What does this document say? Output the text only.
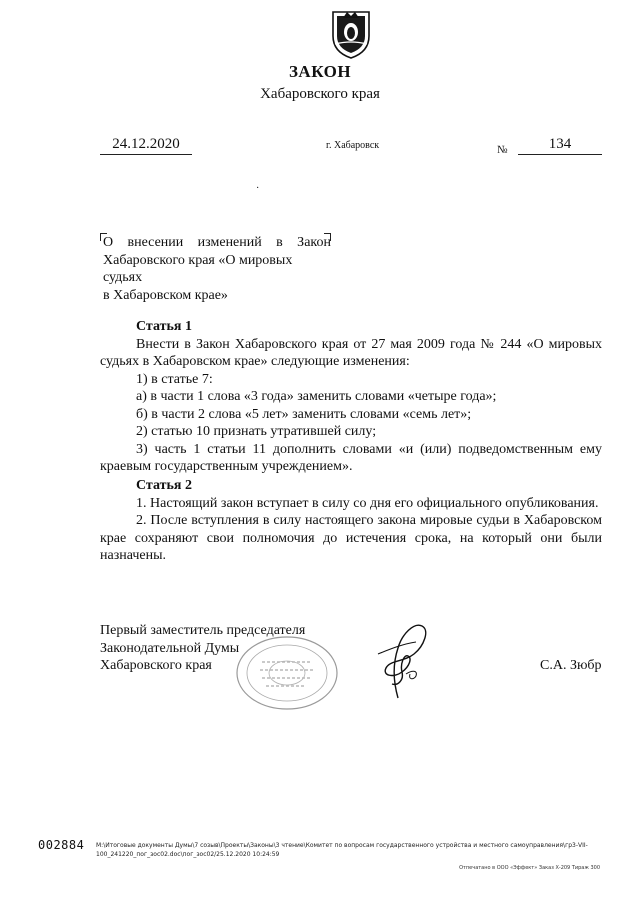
ЗАКОН
Хабаровского края
24.12.2020	г. Хабаровск	№	134
·
О внесении изменений в Закон
Хабаровского края «О мировых судьях
в Хабаровском крае»
Статья 1
Внести в Закон Хабаровского края от 27 мая 2009 года № 244 «О мировых судьях в Хабаровском крае» следующие изменения:
1) в статье 7:
а) в части 1 слова «3 года» заменить словами «четыре года»;
б) в части 2 слова «5 лет» заменить словами «семь лет»;
2) статью 10 признать утратившей силу;
3) часть 1 статьи 11 дополнить словами «и (или) подведомственным ему краевым государственным учреждением».
Статья 2
1. Настоящий закон вступает в силу со дня его официального опубликования.
2. После вступления в силу настоящего закона мировые судьи в Хабаровском крае сохраняют свои полномочия до истечения срока, на который они были назначены.
Первый заместитель председателя
Законодательной Думы
Хабаровского края	С.А. Зюбр
002884 М:\Итоговые документы Думы\7 созыв\Проекты\Законы\3 чтение\Комитет по вопросам государственного устройства и местного самоуправления\гр3-VII-
100_241220_пог_зос02.doc\пог_зос02/25.12.2020 10:24:59
Отпечатано в ООО «Эффект» Заказ Х-209 Тираж 300
